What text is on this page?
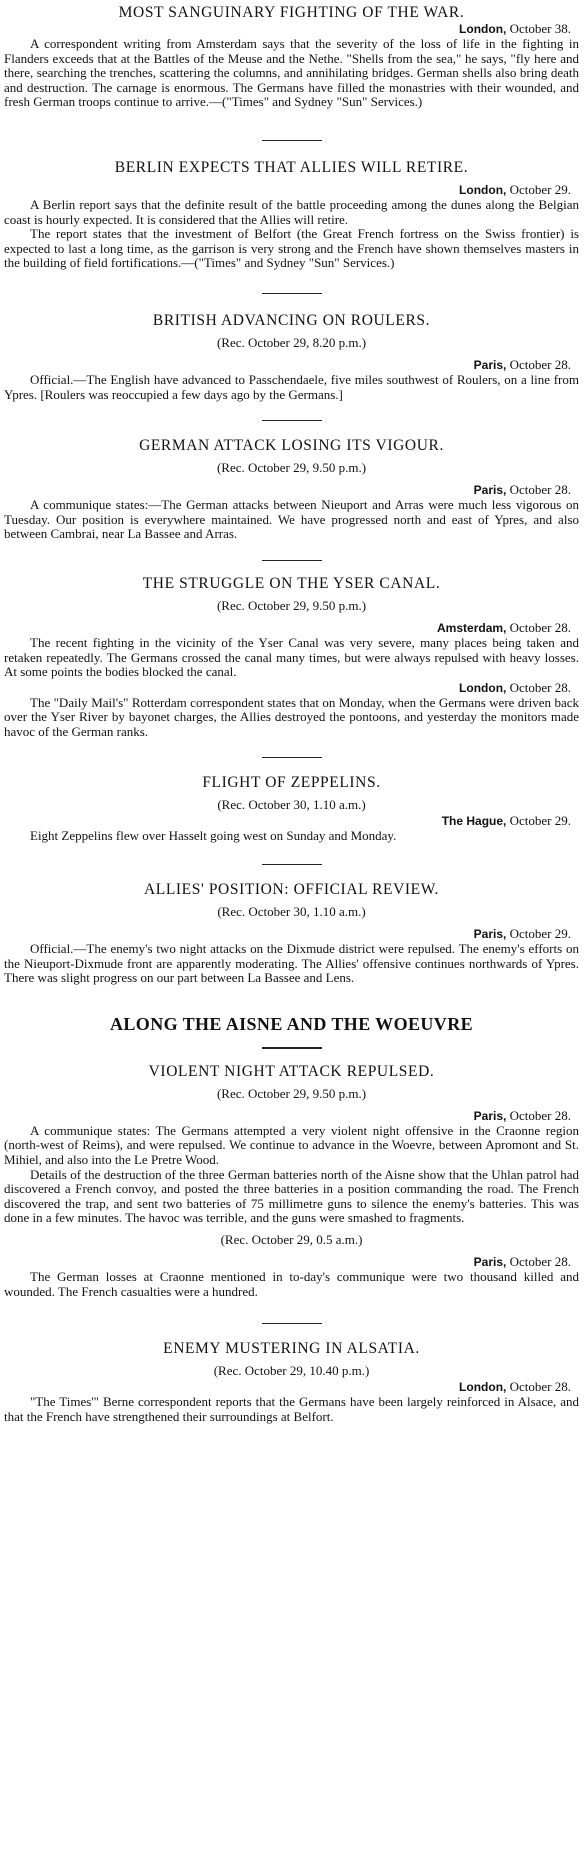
MOST SANGUINARY FIGHTING OF THE WAR.

London, October 38.

A correspondent writing from Amsterdam says that the severity of the loss of life in the fighting in Flanders exceeds that at the Battles of the Meuse and the Nethe. "Shells from the sea," he says, "fly here and there, searching the trenches, scattering the columns, and annihilating bridges. German shells also bring death and destruction. The carnage is enormous. The Germans have filled the monastries with their wounded, and fresh German troops continue to arrive.—("Times" and Sydney "Sun" Services.)

BERLIN EXPECTS THAT ALLIES WILL RETIRE.

London, October 29.

A Berlin report says that the definite result of the battle proceeding among the dunes along the Belgian coast is hourly expected. It is considered that the Allies will retire.

The report states that the investment of Belfort (the Great French fortress on the Swiss frontier) is expected to last a long time, as the garrison is very strong and the French have shown themselves masters in the building of field fortifications.—("Times" and Sydney "Sun" Services.)

BRITISH ADVANCING ON ROULERS.

(Rec. October 29, 8.20 p.m.)

Paris, October 28.

Official.—The English have advanced to Passchendaele, five miles southwest of Roulers, on a line from Ypres. [Roulers was reoccupied a few days ago by the Germans.]

GERMAN ATTACK LOSING ITS VIGOUR.

(Rec. October 29, 9.50 p.m.)

Paris, October 28.

A communique states:—The German attacks between Nieuport and Arras were much less vigorous on Tuesday. Our position is everywhere maintained. We have progressed north and east of Ypres, and also between Cambrai, near La Bassee and Arras.

THE STRUGGLE ON THE YSER CANAL.

(Rec. October 29, 9.50 p.m.)

Amsterdam, October 28.

The recent fighting in the vicinity of the Yser Canal was very severe, many places being taken and retaken repeatedly. The Germans crossed the canal many times, but were always repulsed with heavy losses. At some points the bodies blocked the canal.

London, October 28.

The "Daily Mail's" Rotterdam correspondent states that on Monday, when the Germans were driven back over the Yser River by bayonet charges, the Allies destroyed the pontoons, and yesterday the monitors made havoc of the German ranks.

FLIGHT OF ZEPPELINS.

(Rec. October 30, 1.10 a.m.)

The Hague, October 29.

Eight Zeppelins flew over Hasselt going west on Sunday and Monday.

ALLIES' POSITION: OFFICIAL REVIEW.

(Rec. October 30, 1.10 a.m.)

Paris, October 29.

Official.—The enemy's two night attacks on the Dixmude district were repulsed. The enemy's efforts on the Nieuport-Dixmude front are apparently moderating. The Allies' offensive continues northwards of Ypres. There was slight progress on our part between La Bassee and Lens.

ALONG THE AISNE AND THE WOEUVRE
VIOLENT NIGHT ATTACK REPULSED.

(Rec. October 29, 9.50 p.m.)

Paris, October 28.

A communique states: The Germans attempted a very violent night offensive in the Craonne region (north-west of Reims), and were repulsed. We continue to advance in the Woevre, between Apromont and St. Mihiel, and also into the Le Pretre Wood.

Details of the destruction of the three German batteries north of the Aisne show that the Uhlan patrol had discovered a French convoy, and posted the three batteries in a position commanding the road. The French discovered the trap, and sent two batteries of 75 millimetre guns to silence the enemy's batteries. This was done in a few minutes. The havoc was terrible, and the guns were smashed to fragments.

(Rec. October 29, 0.5 a.m.)

Paris, October 28.

The German losses at Craonne mentioned in to-day's communique were two thousand killed and wounded. The French casualties were a hundred.

ENEMY MUSTERING IN ALSATIA.

(Rec. October 29, 10.40 p.m.)

London, October 28.

"The Times'" Berne correspondent reports that the Germans have been largely reinforced in Alsace, and that the French have strengthened their surroundings at Belfort.
